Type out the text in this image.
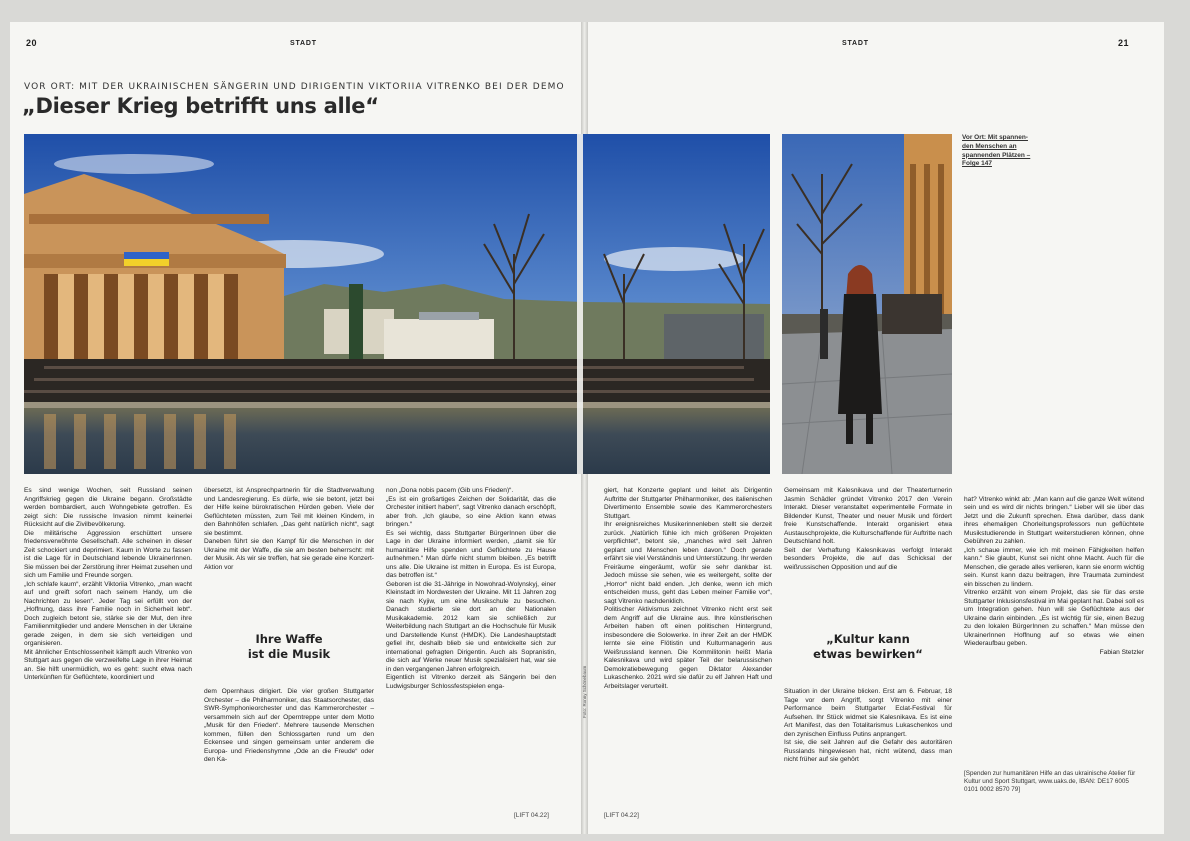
20	21
STADT	STADT
VOR ORT: MIT DER UKRAINISCHEN SÄNGERIN UND DIRIGENTIN VIKTORIIA VITRENKO BEI DER DEMO
„Dieser Krieg betrifft uns alle“
Vor Ort: Mit spannen-
den Menschen an
spannenden Plätzen –
Folge 147
Es sind wenige Wochen, seit Russland seinen Angriffskrieg gegen die Ukraine begann. Großstädte werden bombardiert, auch Wohngebiete getroffen. Es zeigt sich: Die russische Invasion nimmt keinerlei Rücksicht auf die Zivilbevölkerung.
Die militärische Aggression erschüttert unsere friedensverwöhnte Gesellschaft. Alle scheinen in dieser Zeit schockiert und deprimiert. Kaum in Worte zu fassen ist die Lage für in Deutschland lebende UkrainerInnen. Sie müssen bei der Zerstörung ihrer Heimat zusehen und sich um Familie und Freunde sorgen.
„Ich schlafe kaum“, erzählt Viktoriia Vitrenko, „man wacht auf und greift sofort nach seinem Handy, um die Nachrichten zu lesen“. Jeder Tag sei erfüllt von der „Hoffnung, dass ihre Familie noch in Sicherheit lebt“. Doch zugleich betont sie, stärke sie der Mut, den ihre Familienmitglieder und andere Menschen in der Ukraine gerade zeigen, in dem sie sich verteidigen und organisieren.
Mit ähnlicher Entschlossenheit kämpft auch Vitrenko von Stuttgart aus gegen die verzweifelte Lage in ihrer Heimat an. Sie hilft unermüdlich, wo es geht: sucht etwa nach Unterkünften für Geflüchtete, koordiniert und
übersetzt, ist Ansprechpartnerin für die Stadtverwaltung und Landesregierung. Es dürfe, wie sie betont, jetzt bei der Hilfe keine bürokratischen Hürden geben. Viele der Geflüchteten müssten, zum Teil mit kleinen Kindern, in den Bahnhöfen schlafen. „Das geht natürlich nicht“, sagt sie bestimmt.
Daneben führt sie den Kampf für die Menschen in der Ukraine mit der Waffe, die sie am besten beherrscht: mit der Musik. Als wir sie treffen, hat sie gerade eine Konzert-Aktion vor
Ihre Waffe
ist die Musik
dem Opernhaus dirigiert. Die vier großen Stuttgarter Orchester – die Philharmoniker, das Staatsorchester, das SWR-Symphonieorchester und das Kammerorchester – versammeln sich auf der Operntreppe unter dem Motto „Musik für den Frieden“. Mehrere tausende Menschen kommen, füllen den Schlossgarten rund um den Eckensee und singen gemeinsam unter anderem die Europa- und Friedenshymne „Ode an die Freude“ oder den Ka-
non „Dona nobis pacem (Gib uns Frieden)“.
„Es ist ein großartiges Zeichen der Solidarität, das die Orchester initiiert haben“, sagt Vitrenko danach erschöpft, aber froh. „Ich glaube, so eine Aktion kann etwas bringen.“
Es sei wichtig, dass Stuttgarter BürgerInnen über die Lage in der Ukraine informiert werden, „damit sie für humanitäre Hilfe spenden und Geflüchtete zu Hause aufnehmen.“ Man dürfe nicht stumm bleiben. „Es betrifft uns alle. Die Ukraine ist mitten in Europa. Es ist Europa, das betroffen ist.“
Geboren ist die 31-Jährige in Nowohrad-Wolynskyj, einer Kleinstadt im Nordwesten der Ukraine. Mit 11 Jahren zog sie nach Kyjiw, um eine Musikschule zu besuchen. Danach studierte sie dort an der Nationalen Musikakademie. 2012 kam sie schließlich zur Weiterbildung nach Stuttgart an die Hochschule für Musik und Darstellende Kunst (HMDK). Die Landeshauptstadt gefiel ihr, deshalb blieb sie und entwickelte sich zur international gefragten Dirigentin. Auch als Sopranistin, die sich auf Werke neuer Musik spezialisiert hat, war sie in den vergangenen Jahren erfolgreich.
Eigentlich ist Vitrenko derzeit als Sängerin bei den Ludwigsburger Schlossfestspielen enga-
[LIFT 04.22]
Foto: Ronny Schönebaum
giert, hat Konzerte geplant und leitet als Dirigentin Auftritte der Stuttgarter Philharmoniker, des italienischen Divertimento Ensemble sowie des Kammerorchesters Stuttgart.
Ihr ereignisreiches Musikerinnenleben stellt sie derzeit zurück. „Natürlich fühle ich mich größeren Projekten verpflichtet“, betont sie, „manches wird seit Jahren geplant und Menschen leben davon.“ Doch gerade erfährt sie viel Verständnis und Unterstützung. Ihr werden Freiräume eingeräumt, wofür sie sehr dankbar ist. Jedoch müsse sie sehen, wie es weitergeht, sollte der „Horror“ nicht bald enden. „Ich denke, wenn ich mich entscheiden muss, geht das Leben meiner Familie vor“, sagt Vitrenko nachdenklich.
Politischer Aktivismus zeichnet Vitrenko nicht erst seit dem Angriff auf die Ukraine aus. Ihre künstlerischen Arbeiten haben oft einen politischen Hintergrund, insbesondere die Solowerke. In ihrer Zeit an der HMDK lernte sie eine Flötistin und Kulturmanagerin aus Weißrussland kennen. Die Kommilitonin heißt Maria Kalesnikava und wird später Teil der belarussischen Demokratiebewegung gegen Diktator Alexander Lukaschenko. 2021 wird sie dafür zu elf Jahren Haft und Arbeitslager verurteilt.
[LIFT 04.22]
Gemeinsam mit Kalesnikava und der Theaterturnerin Jasmin Schädler gründet Vitrenko 2017 den Verein Interakt. Dieser veranstaltet experimentelle Formate in Bildender Kunst, Theater und neuer Musik und fördert freie Kunstschaffende. Interakt organisiert etwa Austauschprojekte, die Kulturschaffende für Auftritte nach Deutschland holt.
Seit der Verhaftung Kalesnikavas verfolgt Interakt besonders Projekte, die auf das Schicksal der weißrussischen Opposition und auf die
„Kultur kann
etwas bewirken“
Situation in der Ukraine blicken. Erst am 6. Februar, 18 Tage vor dem Angriff, sorgt Vitrenko mit einer Performance beim Stuttgarter Eclat-Festival für Aufsehen. Ihr Stück widmet sie Kalesnikava. Es ist eine Art Manifest, das den Totalitarismus Lukaschenkos und den zynischen Einfluss Putins anprangert.
Ist sie, die seit Jahren auf die Gefahr des autoritären Russlands hingewiesen hat, nicht wütend, dass man nicht früher auf sie gehört

hat? Vitrenko winkt ab: „Man kann auf die ganze Welt wütend sein und es wird dir nichts bringen.“ Lieber will sie über das Jetzt und die Zukunft sprechen. Etwa darüber, dass dank ihres ehemaligen Chorleitungsprofessors nun geflüchtete Musikstudierende in Stuttgart weiterstudieren können, ohne Gebühren zu zahlen.
„Ich schaue immer, wie ich mit meinen Fähigkeiten helfen kann.“ Sie glaubt, Kunst sei nicht ohne Macht. Auch für die Menschen, die gerade alles verlieren, kann sie enorm wichtig sein. Kunst kann dazu beitragen, ihre Traumata zumindest ein bisschen zu lindern.
Vitrenko erzählt von einem Projekt, das sie für das erste Stuttgarter Inklusionsfestival im Mai geplant hat. Dabei soll es um Integration gehen. Nun will sie Geflüchtete aus der Ukraine darin einbinden. „Es ist wichtig für sie, einen Bezug zu den lokalen BürgerInnen zu schaffen.“ Man müsse den UkrainerInnen Hoffnung auf so etwas wie einen Wiederaufbau geben.

Fabian Stetzler

[Spenden zur humanitären Hilfe an das ukrainische Atelier für Kultur und Sport Stuttgart, www.uaks.de, IBAN: DE17 6005 0101 0002 8570 79]
